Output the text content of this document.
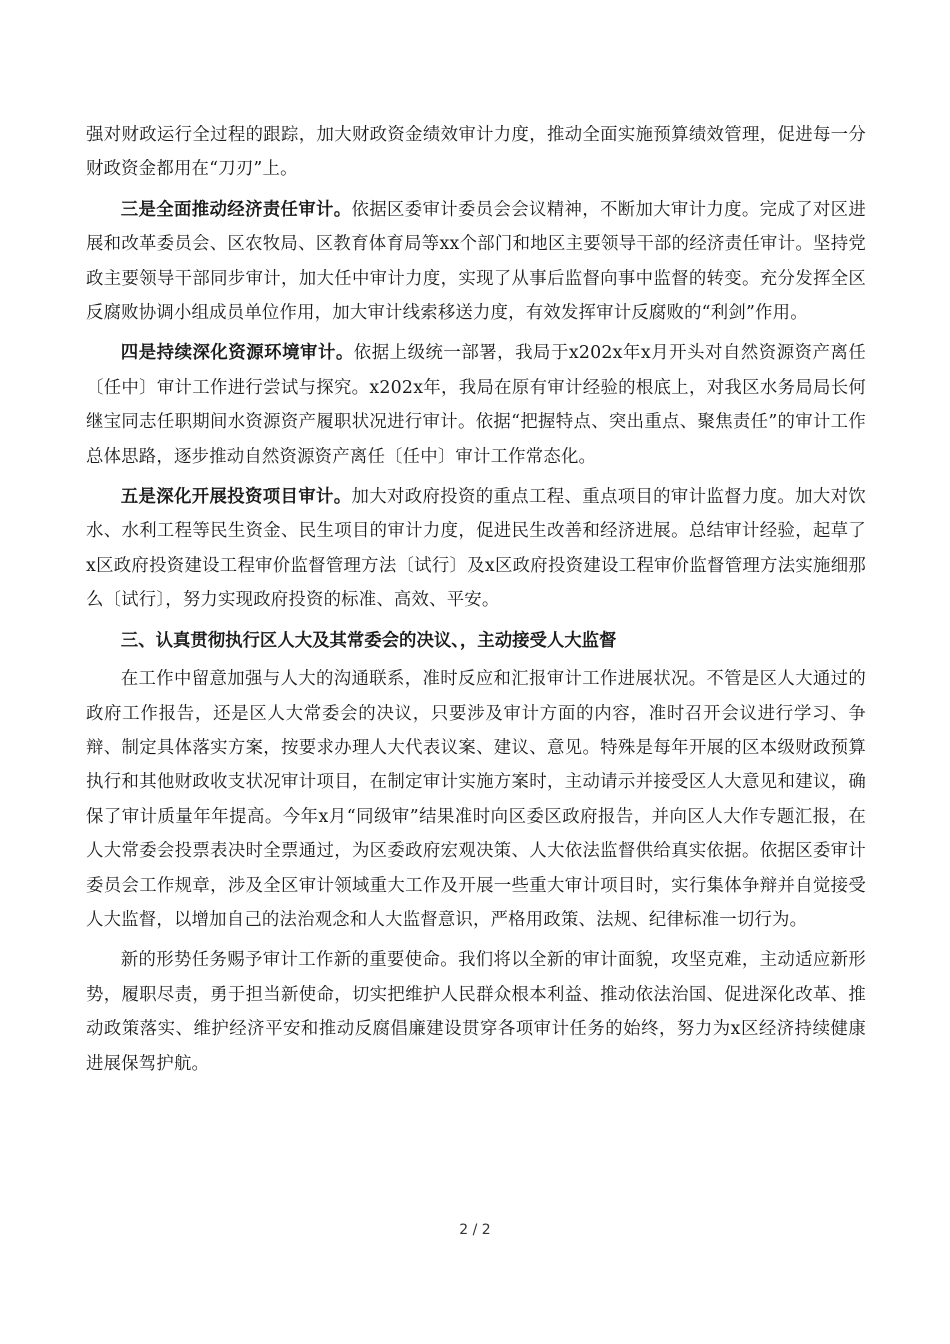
强对财政运行全过程的跟踪，加大财政资金绩效审计力度，推动全面实施预算绩效管理，促进每一分财政资金都用在“刀刃”上。

三是全面推动经济责任审计。依据区委审计委员会会议精神，不断加大审计力度。完成了对区进展和改革委员会、区农牧局、区教育体育局等xx个部门和地区主要领导干部的经济责任审计。坚持党政主要领导干部同步审计，加大任中审计力度，实现了从事后监督向事中监督的转变。充分发挥全区反腐败协调小组成员单位作用，加大审计线索移送力度，有效发挥审计反腐败的“利剑”作用。

四是持续深化资源环境审计。依据上级统一部署，我局于x202x年x月开头对自然资源资产离任〔任中〕审计工作进行尝试与探究。x202x年，我局在原有审计经验的根底上，对我区水务局局长何继宝同志任职期间水资源资产履职状况进行审计。依据“把握特点、突出重点、聚焦责任”的审计工作总体思路，逐步推动自然资源资产离任〔任中〕审计工作常态化。

五是深化开展投资项目审计。加大对政府投资的重点工程、重点项目的审计监督力度。加大对饮水、水利工程等民生资金、民生项目的审计力度，促进民生改善和经济进展。总结审计经验，起草了x区政府投资建设工程审价监督管理方法〔试行〕及x区政府投资建设工程审价监督管理方法实施细那么〔试行〕，努力实现政府投资的标准、高效、平安。

三、认真贯彻执行区人大及其常委会的决议、，主动接受人大监督

在工作中留意加强与人大的沟通联系，准时反应和汇报审计工作进展状况。不管是区人大通过的政府工作报告，还是区人大常委会的决议，只要涉及审计方面的内容，准时召开会议进行学习、争辩、制定具体落实方案，按要求办理人大代表议案、建议、意见。特殊是每年开展的区本级财政预算执行和其他财政收支状况审计项目，在制定审计实施方案时，主动请示并接受区人大意见和建议，确保了审计质量年年提高。今年x月“同级审”结果准时向区委区政府报告，并向区人大作专题汇报，在人大常委会投票表决时全票通过，为区委政府宏观决策、人大依法监督供给真实依据。依据区委审计委员会工作规章，涉及全区审计领域重大工作及开展一些重大审计项目时，实行集体争辩并自觉接受人大监督，以增加自己的法治观念和人大监督意识，严格用政策、法规、纪律标准一切行为。

新的形势任务赐予审计工作新的重要使命。我们将以全新的审计面貌，攻坚克难，主动适应新形势，履职尽责，勇于担当新使命，切实把维护人民群众根本利益、推动依法治国、促进深化改革、推动政策落实、维护经济平安和推动反腐倡廉建设贯穿各项审计任务的始终，努力为x区经济持续健康进展保驾护航。

2 / 2
